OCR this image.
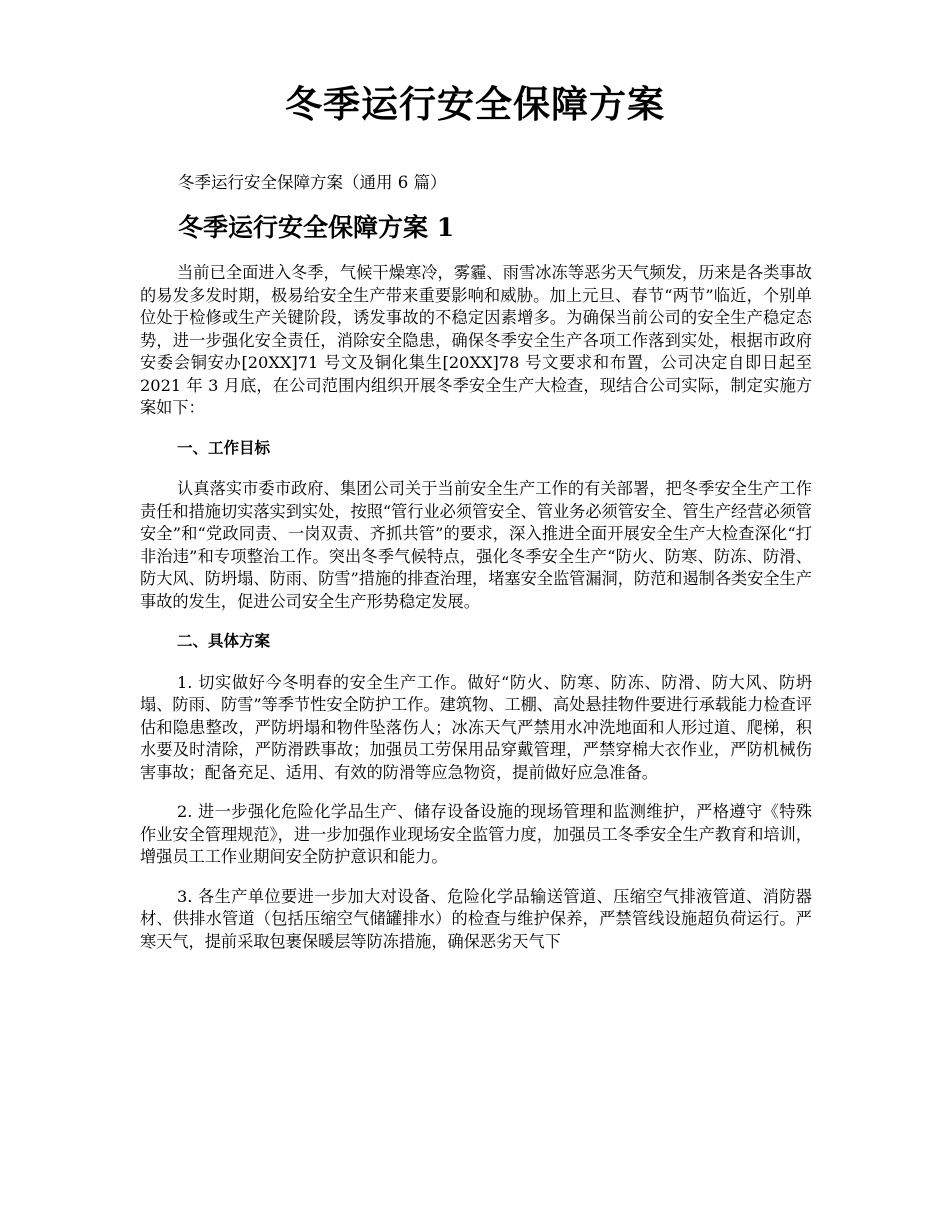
冬季运行安全保障方案
冬季运行安全保障方案（通用 6 篇）
冬季运行安全保障方案 1

当前已全面进入冬季，气候干燥寒冷，雾霾、雨雪冰冻等恶劣天气频发，历来是各类事故的易发多发时期，极易给安全生产带来重要影响和威胁。加上元旦、春节“两节”临近，个别单位处于检修或生产关键阶段，诱发事故的不稳定因素增多。为确保当前公司的安全生产稳定态势，进一步强化安全责任，消除安全隐患，确保冬季安全生产各项工作落到实处，根据市政府安委会铜安办[20XX]71 号文及铜化集生[20XX]78 号文要求和布置，公司决定自即日起至 2021 年 3 月底，在公司范围内组织开展冬季安全生产大检查，现结合公司实际，制定实施方案如下：

一、工作目标

认真落实市委市政府、集团公司关于当前安全生产工作的有关部署，把冬季安全生产工作责任和措施切实落实到实处，按照“管行业必须管安全、管业务必须管安全、管生产经营必须管安全”和“党政同责、一岗双责、齐抓共管”的要求，深入推进全面开展安全生产大检查深化“打非治违”和专项整治工作。突出冬季气候特点，强化冬季安全生产“防火、防寒、防冻、防滑、防大风、防坍塌、防雨、防雪”措施的排查治理，堵塞安全监管漏洞，防范和遏制各类安全生产事故的发生，促进公司安全生产形势稳定发展。

二、具体方案

1. 切实做好今冬明春的安全生产工作。做好“防火、防寒、防冻、防滑、防大风、防坍塌、防雨、防雪”等季节性安全防护工作。建筑物、工棚、高处悬挂物件要进行承载能力检查评估和隐患整改，严防坍塌和物件坠落伤人；冰冻天气严禁用水冲洗地面和人形过道、爬梯，积水要及时清除，严防滑跌事故；加强员工劳保用品穿戴管理，严禁穿棉大衣作业，严防机械伤害事故；配备充足、适用、有效的防滑等应急物资，提前做好应急准备。

2. 进一步强化危险化学品生产、储存设备设施的现场管理和监测维护，严格遵守《特殊作业安全管理规范》，进一步加强作业现场安全监管力度，加强员工冬季安全生产教育和培训，增强员工工作业期间安全防护意识和能力。

3. 各生产单位要进一步加大对设备、危险化学品输送管道、压缩空气排液管道、消防器材、供排水管道（包括压缩空气储罐排水）的检查与维护保养，严禁管线设施超负荷运行。严寒天气，提前采取包裹保暖层等防冻措施，确保恶劣天气下
